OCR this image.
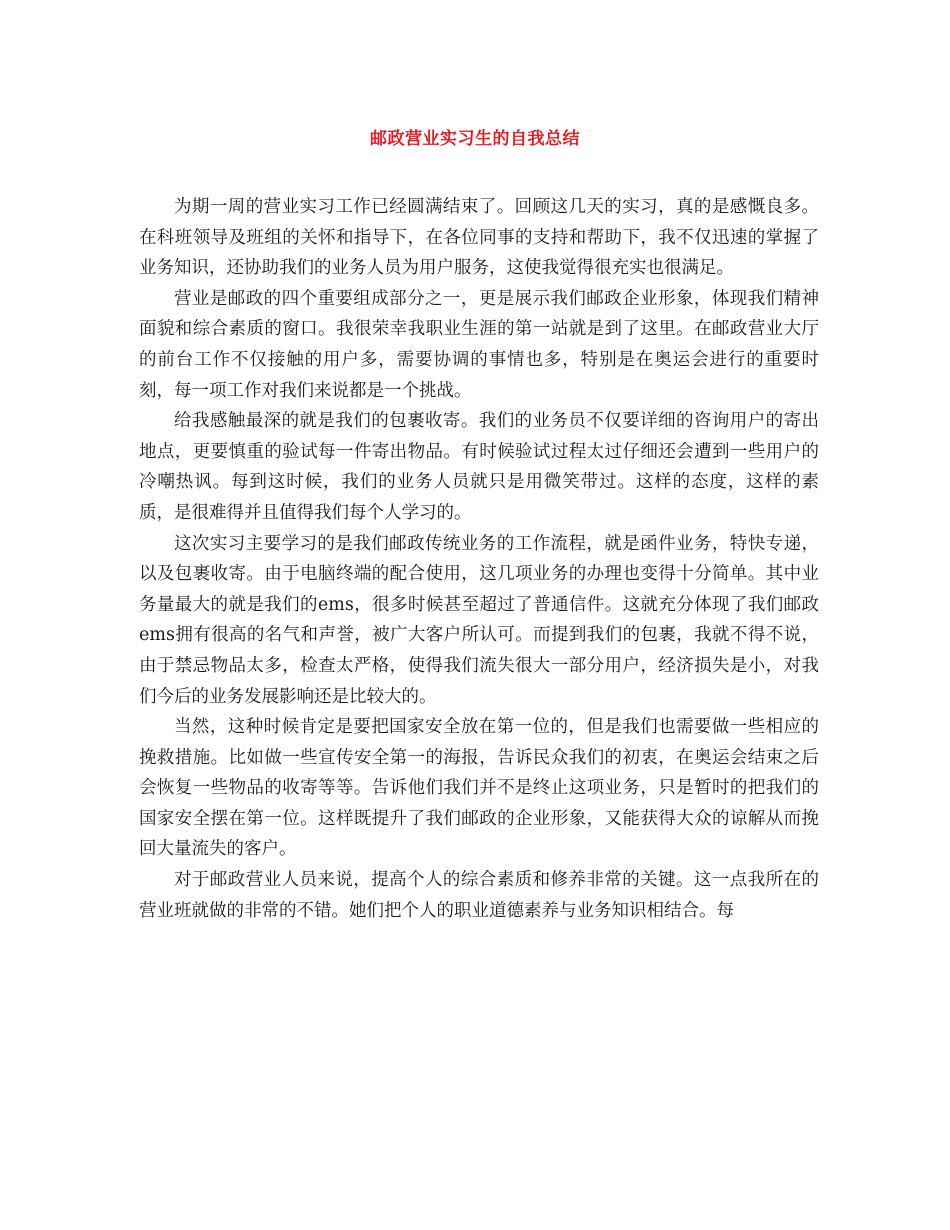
邮政营业实习生的自我总结

为期一周的营业实习工作已经圆满结束了。回顾这几天的实习，真的是感慨良多。在科班领导及班组的关怀和指导下，在各位同事的支持和帮助下，我不仅迅速的掌握了业务知识，还协助我们的业务人员为用户服务，这使我觉得很充实也很满足。

营业是邮政的四个重要组成部分之一，更是展示我们邮政企业形象，体现我们精神面貌和综合素质的窗口。我很荣幸我职业生涯的第一站就是到了这里。在邮政营业大厅的前台工作不仅接触的用户多，需要协调的事情也多，特别是在奥运会进行的重要时刻，每一项工作对我们来说都是一个挑战。

给我感触最深的就是我们的包裹收寄。我们的业务员不仅要详细的咨询用户的寄出地点，更要慎重的验试每一件寄出物品。有时候验试过程太过仔细还会遭到一些用户的冷嘲热讽。每到这时候，我们的业务人员就只是用微笑带过。这样的态度，这样的素质，是很难得并且值得我们每个人学习的。

这次实习主要学习的是我们邮政传统业务的工作流程，就是函件业务，特快专递，以及包裹收寄。由于电脑终端的配合使用，这几项业务的办理也变得十分简单。其中业务量最大的就是我们的ems，很多时候甚至超过了普通信件。这就充分体现了我们邮政ems拥有很高的名气和声誉，被广大客户所认可。而提到我们的包裹，我就不得不说，由于禁忌物品太多，检查太严格，使得我们流失很大一部分用户，经济损失是小，对我们今后的业务发展影响还是比较大的。

当然，这种时候肯定是要把国家安全放在第一位的，但是我们也需要做一些相应的挽救措施。比如做一些宣传安全第一的海报，告诉民众我们的初衷，在奥运会结束之后会恢复一些物品的收寄等等。告诉他们我们并不是终止这项业务，只是暂时的把我们的国家安全摆在第一位。这样既提升了我们邮政的企业形象，又能获得大众的谅解从而挽回大量流失的客户。

对于邮政营业人员来说，提高个人的综合素质和修养非常的关键。这一点我所在的营业班就做的非常的不错。她们把个人的职业道德素养与业务知识相结合。每
